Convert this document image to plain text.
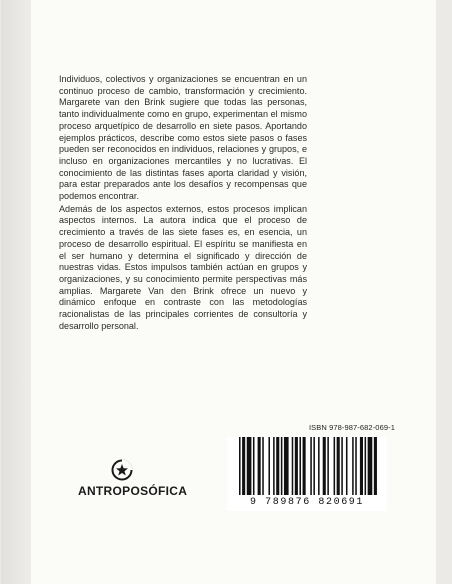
Individuos, colectivos y organizaciones se encuentran en un continuo proceso de cambio, transformación y crecimiento. Margarete van den Brink sugiere que todas las personas, tanto individualmente como en grupo, experimentan el mismo proceso arquetípico de desarrollo en siete pasos. Aportando ejemplos prácticos, describe como estos siete pasos o fases pueden ser reconocidos en individuos, relaciones y grupos, e incluso en organizaciones mercantiles y no lucrativas. El conocimiento de las distintas fases aporta claridad y visión, para estar preparados ante los desafíos y recompensas que podemos encontrar.

Además de los aspectos externos, estos procesos implican aspectos internos. La autora indica que el proceso de crecimiento a través de las siete fases es, en esencia, un proceso de desarrollo espiritual. El espíritu se manifiesta en el ser humano y determina el significado y dirección de nuestras vidas. Estos impulsos también actúan en grupos y organizaciones, y su conocimiento permite perspectivas más amplias. Margarete Van den Brink ofrece un nuevo y dinámico enfoque en contraste con las metodologías racionalistas de las principales corrientes de consultoría y desarrollo personal.

ANTROPOSÓFICA
ISBN 978-987-682-069-1
9 789876 820691
